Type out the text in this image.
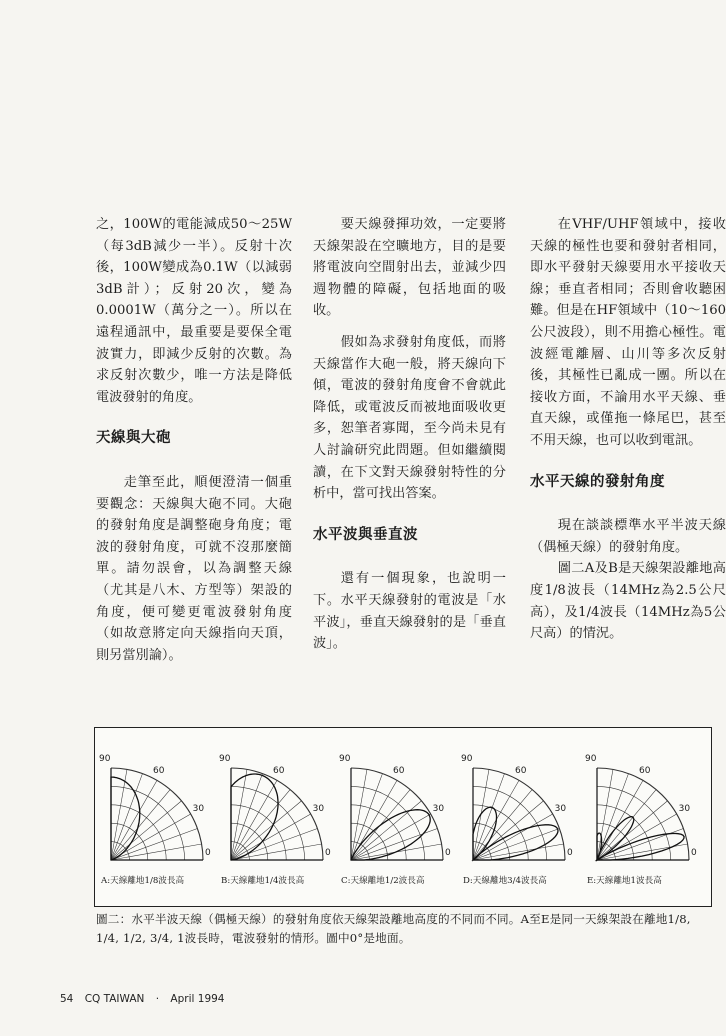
之，100W的電能減成50～25W（每3dB減少一半）。反射十次後，100W變成為0.1W（以減弱3dB計）；反射20次，變為0.0001W（萬分之一）。所以在遠程通訊中，最重要是要保全電波實力，即減少反射的次數。為求反射次數少，唯一方法是降低電波發射的角度。

天線與大砲

走筆至此，順便澄清一個重要觀念：天線與大砲不同。大砲的發射角度是調整砲身角度；電波的發射角度，可就不沒那麼簡單。請勿誤會，以為調整天線（尤其是八木、方型等）架設的角度，便可變更電波發射角度（如故意將定向天線指向天頂，則另當別論）。

要天線發揮功效，一定要將天線架設在空曠地方，目的是要將電波向空間射出去，並減少四週物體的障礙，包括地面的吸收。

假如為求發射角度低，而將天線當作大砲一般，將天線向下傾，電波的發射角度會不會就此降低，或電波反而被地面吸收更多，恕筆者寡聞，至今尚未見有人討論研究此問題。但如繼續閱讀，在下文對天線發射特性的分析中，當可找出答案。

水平波與垂直波

還有一個現象，也說明一下。水平天線發射的電波是「水平波」，垂直天線發射的是「垂直波」。

在VHF/UHF領域中，接收天線的極性也要和發射者相同，即水平發射天線要用水平接收天線；垂直者相同；否則會收聽困難。但是在HF領域中（10～160公尺波段），則不用擔心極性。電波經電離層、山川等多次反射後，其極性已亂成一團。所以在接收方面，不論用水平天線、垂直天線，或僅拖一條尾巴，甚至不用天線，也可以收到電訊。

水平天線的發射角度

現在談談標準水平半波天線（偶極天線）的發射角度。

圖二A及B是天線架設離地高度1/8波長（14MHz為2.5公尺高），及1/4波長（14MHz為5公尺高）的情況。

90
60
30
0
A:天線離地1/8波長高
90
60
30
0
B:天線離地1/4波長高
90
60
30
0
C:天線離地1/2波長高
90
60
30
0
D:天線離地3/4波長高
90
60
30
0
E:天線離地1波長高
圖二：水平半波天線（偶極天線）的發射角度依天線架設離地高度的不同而不同。A至E是同一天線架設在離地1/8, 1/4, 1/2, 3/4, 1波長時，電波發射的情形。圖中0°是地面。
54 CQ TAIWAN · April 1994
